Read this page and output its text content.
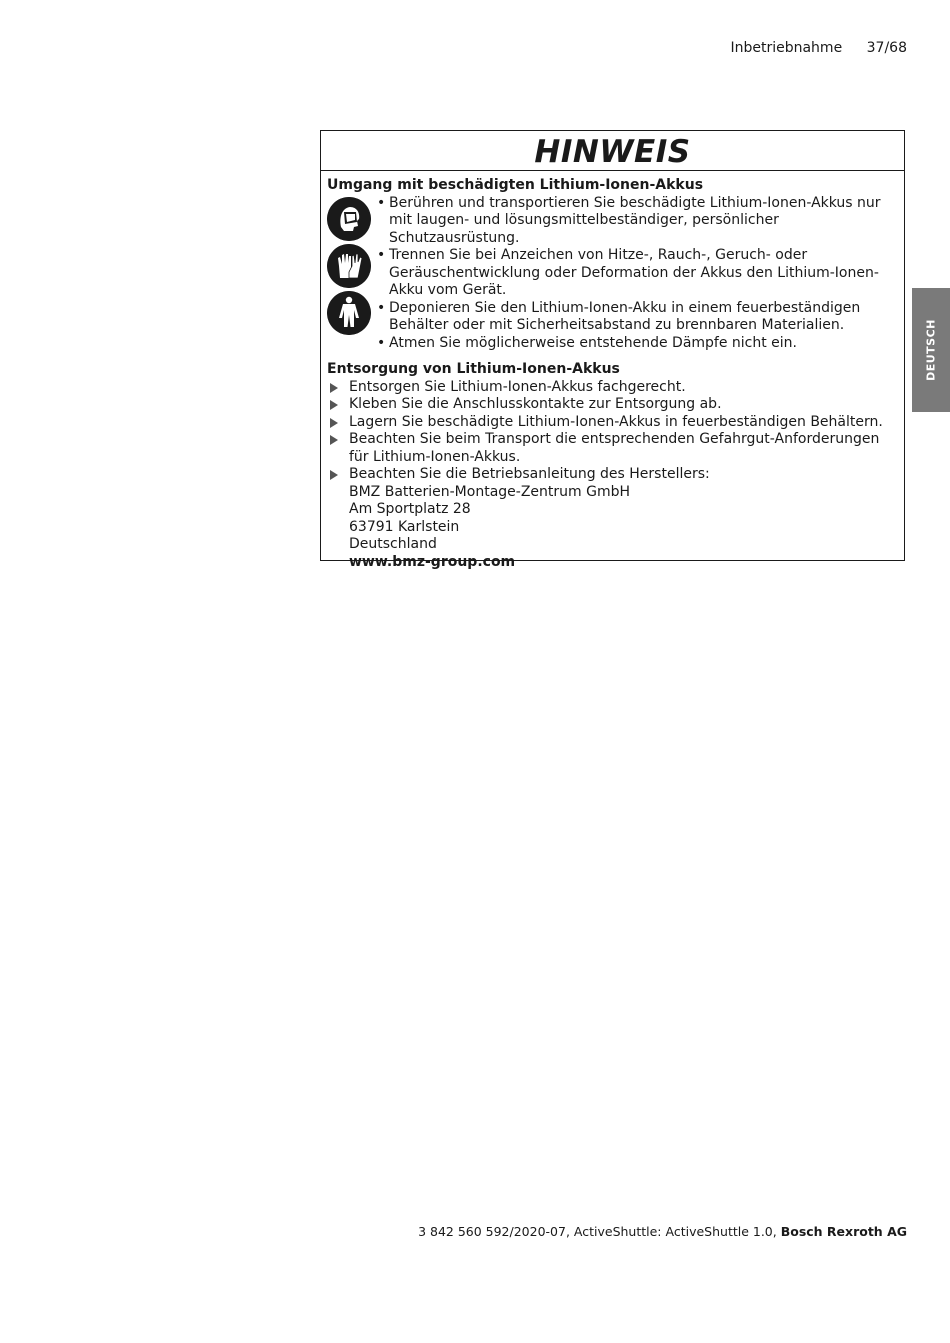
Inbetriebnahme 37/68
DEUTSCH
HINWEIS
Umgang mit beschädigten Lithium-Ionen-Akkus
• Berühren und transportieren Sie beschädigte Lithium-Ionen-Akkus nur mit laugen- und lösungsmittelbeständiger, persönlicher Schutzausrüstung.
• Trennen Sie bei Anzeichen von Hitze-, Rauch-, Geruch- oder Geräuschentwicklung oder Deformation der Akkus den Lithium-Ionen-Akku vom Gerät.
• Deponieren Sie den Lithium-Ionen-Akku in einem feuerbeständigen Behälter oder mit Sicherheitsabstand zu brennbaren Materialien.
• Atmen Sie möglicherweise entstehende Dämpfe nicht ein.
Entsorgung von Lithium-Ionen-Akkus
Entsorgen Sie Lithium-Ionen-Akkus fachgerecht.
Kleben Sie die Anschlusskontakte zur Entsorgung ab.
Lagern Sie beschädigte Lithium-Ionen-Akkus in feuerbeständigen Behältern.
Beachten Sie beim Transport die entsprechenden Gefahrgut-Anforderungen für Lithium-Ionen-Akkus.
Beachten Sie die Betriebsanleitung des Herstellers:
BMZ Batterien-Montage-Zentrum GmbH
Am Sportplatz 28
63791 Karlstein
Deutschland
www.bmz-group.com
3 842 560 592/2020-07, ActiveShuttle: ActiveShuttle 1.0, Bosch Rexroth AG
